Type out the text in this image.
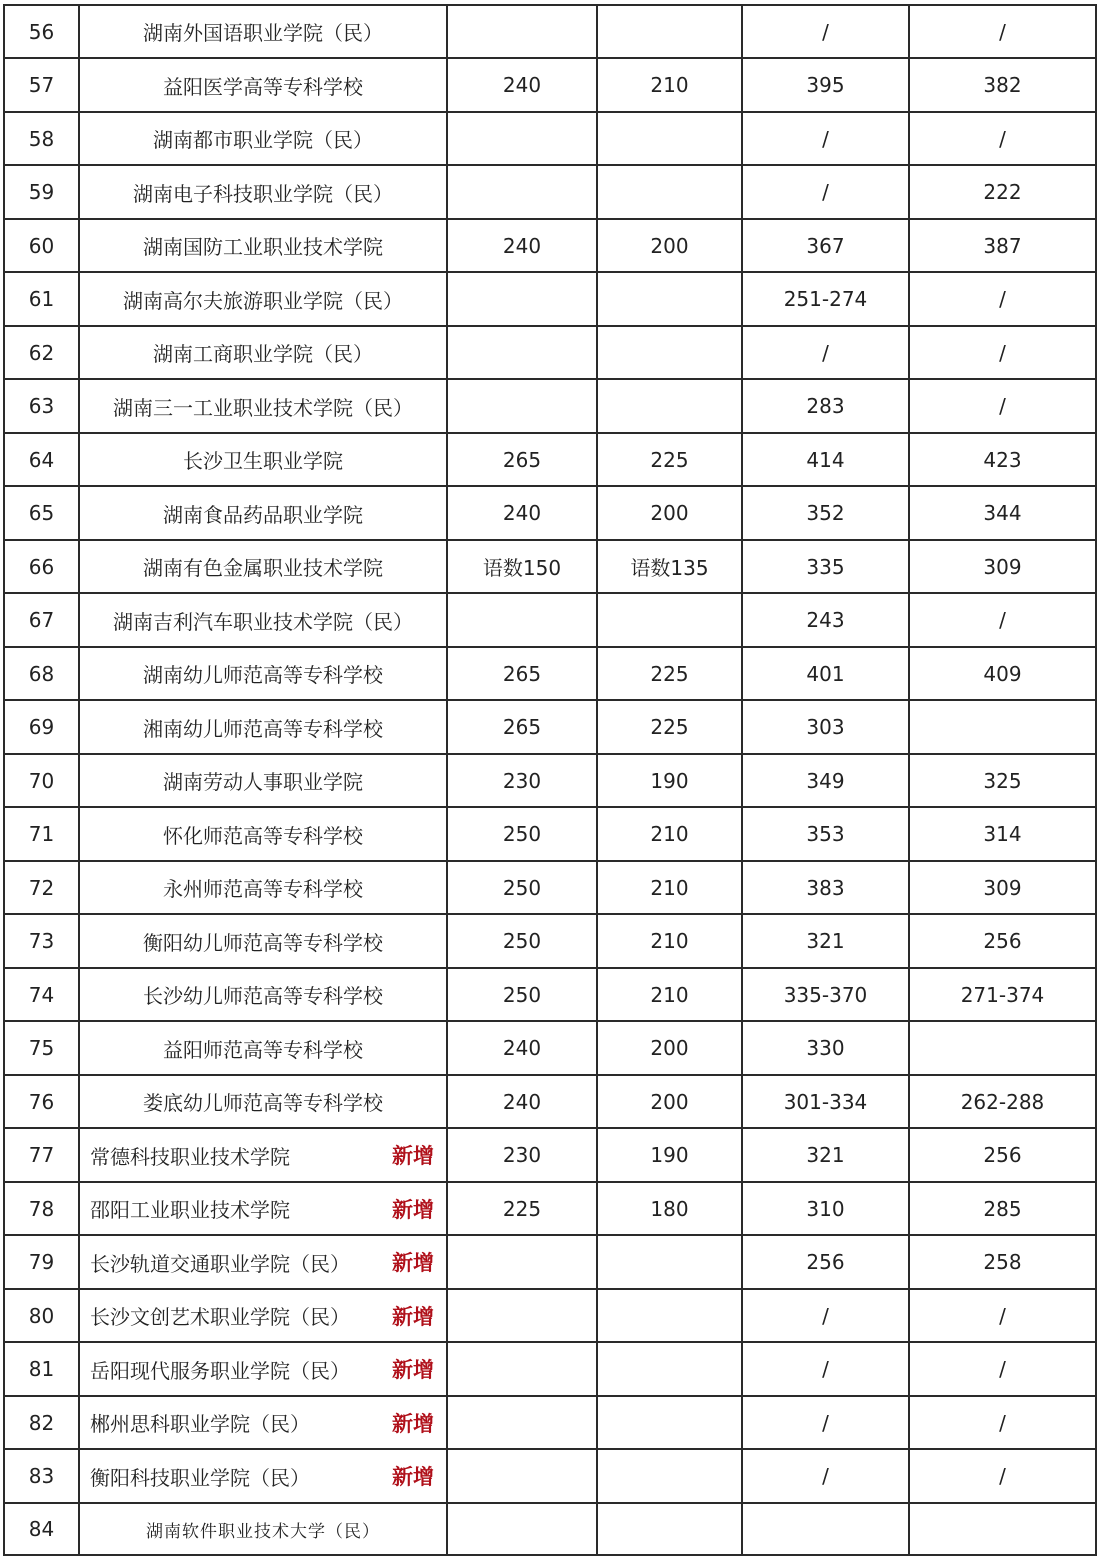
56	湖南外国语职业学院（民）			/	/
57	益阳医学高等专科学校	240	210	395	382
58	湖南都市职业学院（民）			/	/
59	湖南电子科技职业学院（民）			/	222
60	湖南国防工业职业技术学院	240	200	367	387
61	湖南高尔夫旅游职业学院（民）			251-274	/
62	湖南工商职业学院（民）			/	/
63	湖南三一工业职业技术学院（民）			283	/
64	长沙卫生职业学院	265	225	414	423
65	湖南食品药品职业学院	240	200	352	344
66	湖南有色金属职业技术学院	语数150	语数135	335	309
67	湖南吉利汽车职业技术学院（民）			243	/
68	湖南幼儿师范高等专科学校	265	225	401	409
69	湘南幼儿师范高等专科学校	265	225	303	
70	湖南劳动人事职业学院	230	190	349	325
71	怀化师范高等专科学校	250	210	353	314
72	永州师范高等专科学校	250	210	383	309
73	衡阳幼儿师范高等专科学校	250	210	321	256
74	长沙幼儿师范高等专科学校	250	210	335-370	271-374
75	益阳师范高等专科学校	240	200	330	
76	娄底幼儿师范高等专科学校	240	200	301-334	262-288
77	常德科技职业技术学院 新增	230	190	321	256
78	邵阳工业职业技术学院 新增	225	180	310	285
79	长沙轨道交通职业学院（民） 新增			256	258
80	长沙文创艺术职业学院（民） 新增			/	/
81	岳阳现代服务职业学院（民） 新增			/	/
82	郴州思科职业学院（民） 新增			/	/
83	衡阳科技职业学院（民） 新增			/	/
84	湖南软件职业技术大学（民）				
